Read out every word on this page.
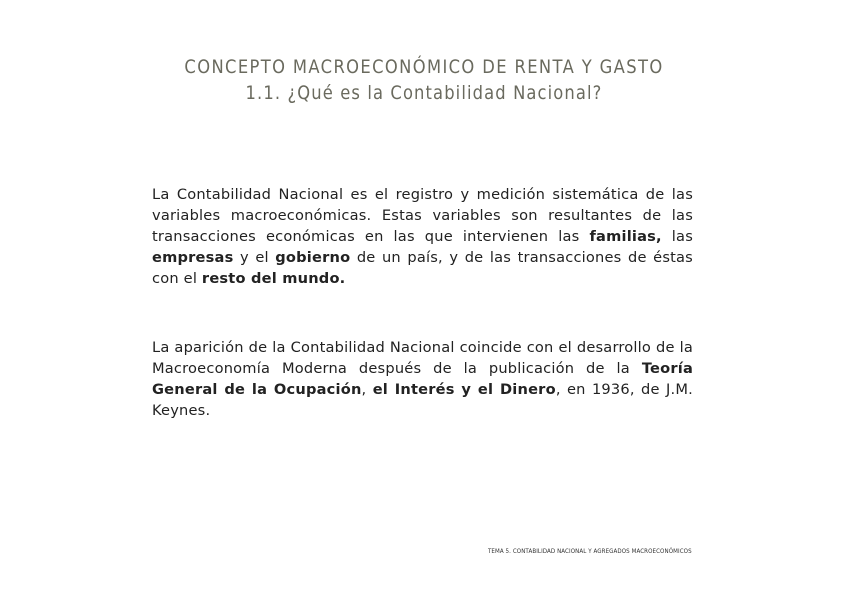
CONCEPTO MACROECONÓMICO DE RENTA Y GASTO
1.1. ¿Qué es la Contabilidad Nacional?
La Contabilidad Nacional es el registro y medición sistemática de las variables macroeconómicas. Estas variables son resultantes de las transacciones económicas en las que intervienen las familias, las empresas y el gobierno de un país, y de las transacciones de éstas con el resto del mundo.
La aparición de la Contabilidad Nacional coincide con el desarrollo de la Macroeconomía Moderna después de la publicación de la Teoría General de la Ocupación, el Interés y el Dinero, en 1936, de J.M. Keynes.
TEMA 5. CONTABILIDAD NACIONAL Y AGREGADOS MACROECONÓMICOS
